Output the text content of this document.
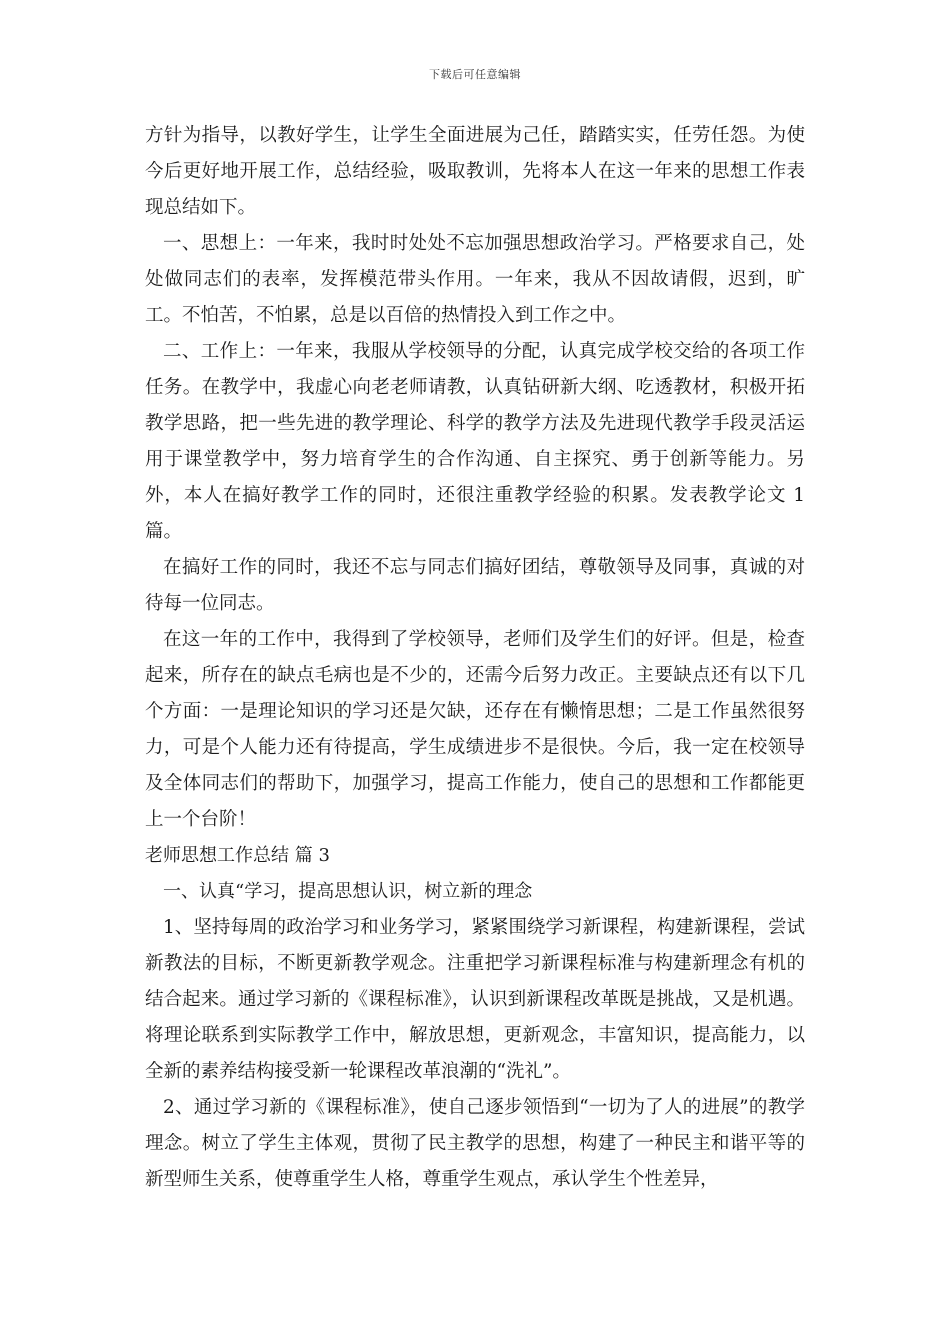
下载后可任意编辑

方针为指导，以教好学生，让学生全面进展为己任，踏踏实实，任劳任怨。为使今后更好地开展工作，总结经验，吸取教训，先将本人在这一年来的思想工作表现总结如下。

一、思想上：一年来，我时时处处不忘加强思想政治学习。严格要求自己，处处做同志们的表率，发挥模范带头作用。一年来，我从不因故请假，迟到，旷工。不怕苦，不怕累，总是以百倍的热情投入到工作之中。

二、工作上：一年来，我服从学校领导的分配，认真完成学校交给的各项工作任务。在教学中，我虚心向老老师请教，认真钻研新大纲、吃透教材，积极开拓教学思路，把一些先进的教学理论、科学的教学方法及先进现代教学手段灵活运用于课堂教学中，努力培育学生的合作沟通、自主探究、勇于创新等能力。另外，本人在搞好教学工作的同时，还很注重教学经验的积累。发表教学论文 1 篇。

在搞好工作的同时，我还不忘与同志们搞好团结，尊敬领导及同事，真诚的对待每一位同志。

在这一年的工作中，我得到了学校领导，老师们及学生们的好评。但是，检查起来，所存在的缺点毛病也是不少的，还需今后努力改正。主要缺点还有以下几个方面：一是理论知识的学习还是欠缺，还存在有懒惰思想；二是工作虽然很努力，可是个人能力还有待提高，学生成绩进步不是很快。今后，我一定在校领导及全体同志们的帮助下，加强学习，提高工作能力，使自己的思想和工作都能更上一个台阶！

老师思想工作总结 篇 3

一、认真“学习，提高思想认识，树立新的理念

1、坚持每周的政治学习和业务学习，紧紧围绕学习新课程，构建新课程，尝试新教法的目标，不断更新教学观念。注重把学习新课程标准与构建新理念有机的结合起来。通过学习新的《课程标准》，认识到新课程改革既是挑战，又是机遇。将理论联系到实际教学工作中，解放思想，更新观念，丰富知识，提高能力，以全新的素养结构接受新一轮课程改革浪潮的“洗礼”。

2、通过学习新的《课程标准》，使自己逐步领悟到“一切为了人的进展”的教学理念。树立了学生主体观，贯彻了民主教学的思想，构建了一种民主和谐平等的新型师生关系，使尊重学生人格，尊重学生观点，承认学生个性差异，
